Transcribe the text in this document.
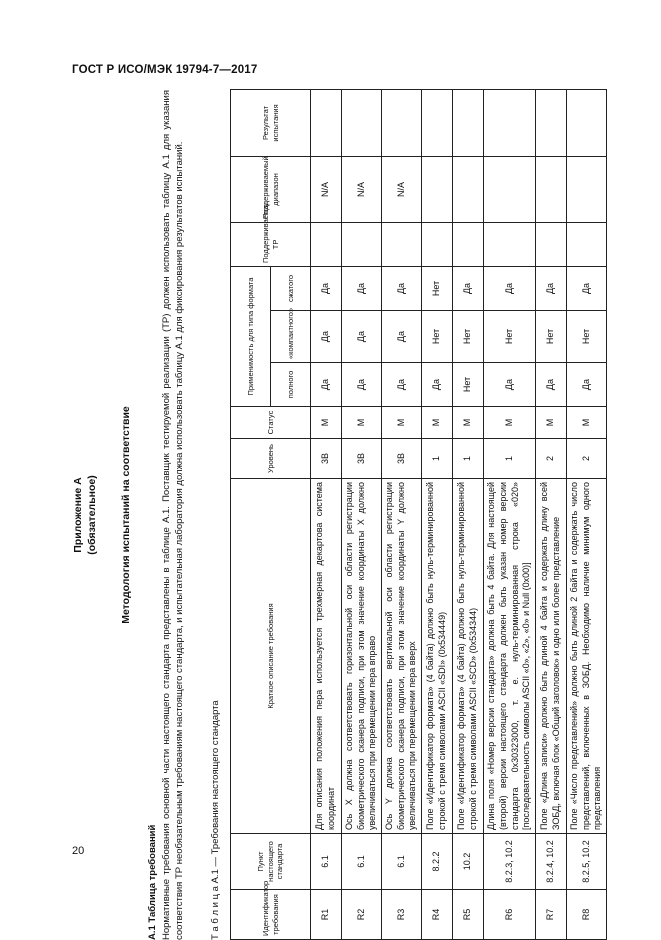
ГОСТ Р ИСО/МЭК 19794-7—2017
20
Приложение А (обязательное) Методология испытаний на соответствие
А.1 Таблица требований Нормативные требования основной части настоящего стандарта представлены в таблице А.1. Поставщик тестируемой реализации (ТР) должен использовать таблицу А.1 для указания соответствия ТР необязательным требованиям настоящего стандарта, и испытательная лаборатория должна использовать таблицу А.1 для фиксирования результатов испытаний.	Т а б л и ц а А.1 — Требования настоящего стандарта	Идентификатор требования	Пункт настоящего стандарта	Краткое описание требования	Уровень	Статус	Применимость для типа формата			Поддерживается ТР	Поддерживаемый диапазон	Результат испытания
					полного	«компактного»	сжатого			
R1	6.1	Для описания положения пера используется трехмерная декартова система координат	3B	M	Да	Да	Да		N/A	
R2	6.1	Ось X должна соответствовать горизонтальной оси области регистрации биометрического сканера подписи, при этом значение координаты X должно увеличиваться при перемещении пера вправо	3B	M	Да	Да	Да		N/A	
R3	6.1	Ось Y должна соответствовать вертикальной оси области регистрации биометрического сканера подписи, при этом значение координаты Y должно увеличиваться при перемещении пера вверх	3B	M	Да	Да	Да		N/A	
R4	8.2.2	Поле «Идентификатор формата» (4 байта) должно быть нуль-терминированной строкой с тремя символами ASCII «SDI» (0x534449)	1	M	Да	Нет	Нет			
R5	10.2	Поле «Идентификатор формата» (4 байта) должно быть нуль-терминированной строкой с тремя символами ASCII «SCD» (0x534344)	1	M	Нет	Нет	Да			
R6	8.2.3, 10.2	Длина поля «Номер версии стандарта» должна быть 4 байта. Для настоящей (второй) версии настоящего стандарта должен быть указан номер версии стандарта 0x30323000, т. е. нуль-терминированная строка «020» [последовательность символы ASCII «0», «2», «0» и Null (0x00)]	1	M	Да	Нет	Да			
R7	8.2.4, 10.2	Поле «Длина записи» должно быть длиной 4 байта и содержать длину всей ЗОБД, включая блок «Общий заголовок» и одно или более представление	2	M	Да	Нет	Да			
R8	8.2.5, 10.2	Поле «Число представлений» должно быть длиной 2 байта и содержать число представлений, включенных в ЗОБД. Необходимо наличие минимум одного представления	2	M	Да	Нет	Да			
